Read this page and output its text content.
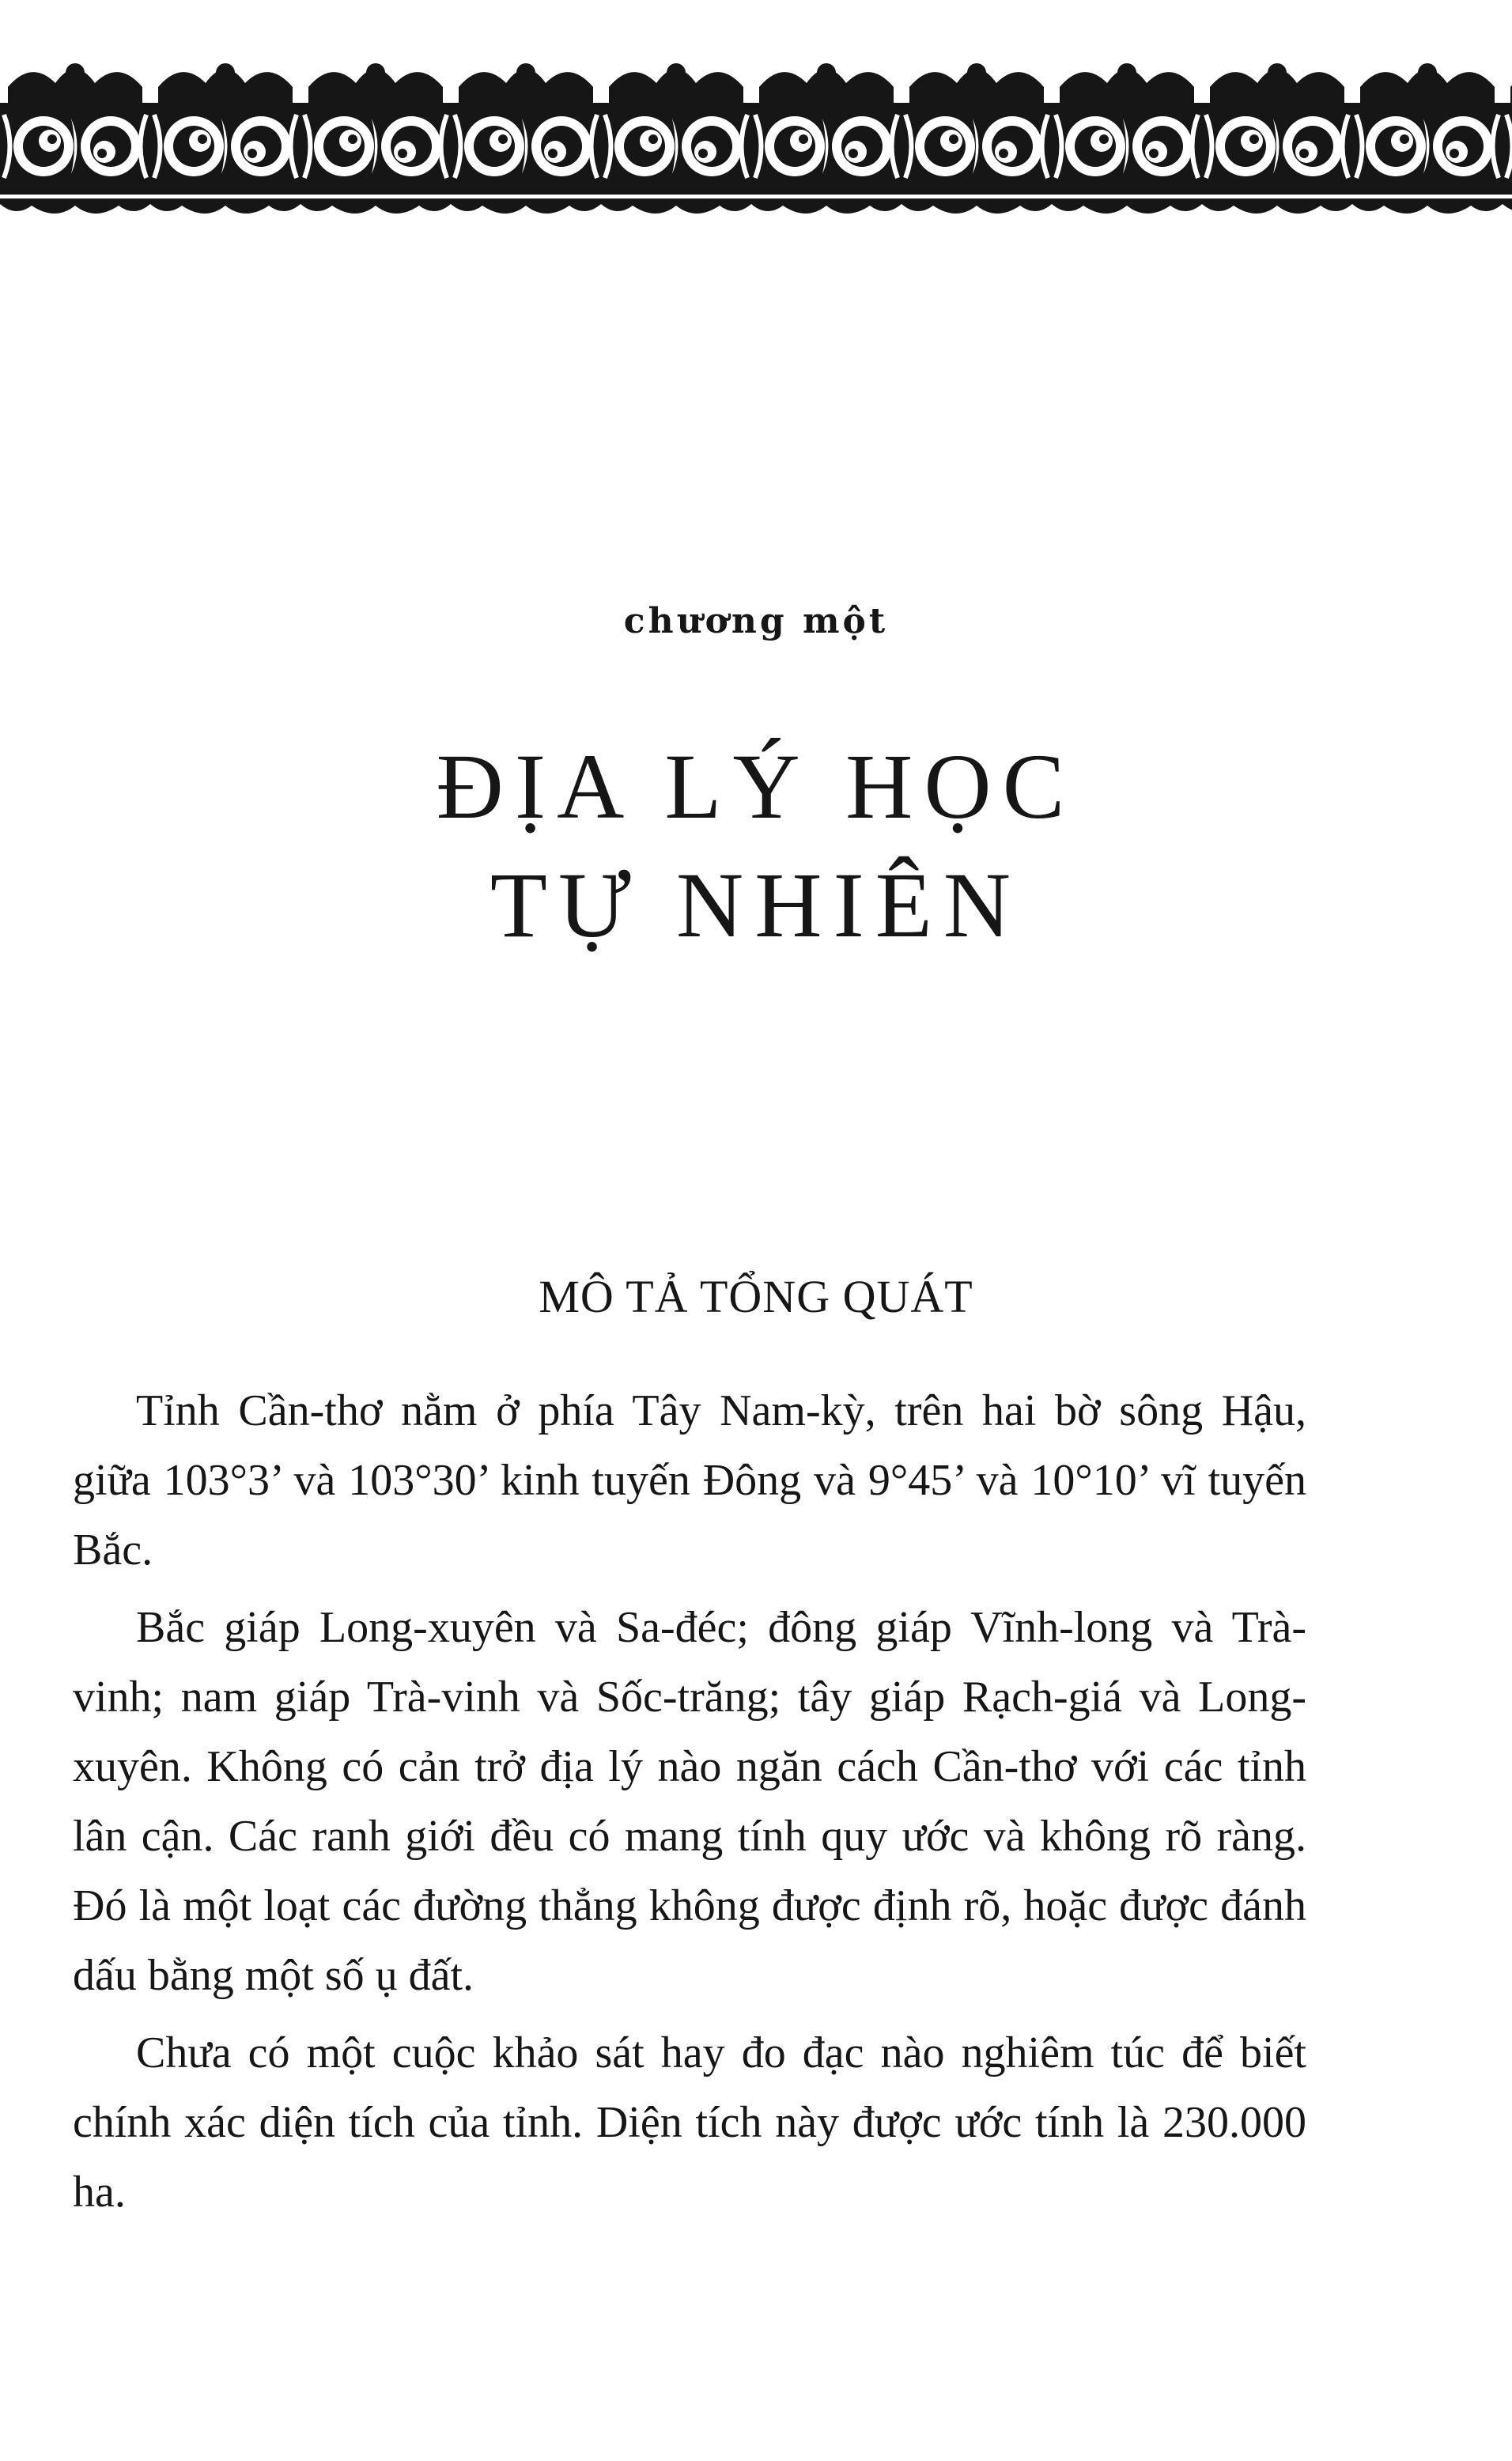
chương một
ĐỊA LÝ HỌC
TỰ NHIÊN
MÔ TẢ TỔNG QUÁT

Tỉnh Cần-thơ nằm ở phía Tây Nam-kỳ, trên hai bờ sông Hậu, giữa 103°3’ và 103°30’ kinh tuyến Đông và 9°45’ và 10°10’ vĩ tuyến Bắc.

Bắc giáp Long-xuyên và Sa-đéc; đông giáp Vĩnh-long và Trà-vinh; nam giáp Trà-vinh và Sốc-trăng; tây giáp Rạch-giá và Long-xuyên. Không có cản trở địa lý nào ngăn cách Cần-thơ với các tỉnh lân cận. Các ranh giới đều có mang tính quy ước và không rõ ràng. Đó là một loạt các đường thẳng không được định rõ, hoặc được đánh dấu bằng một số ụ đất.

Chưa có một cuộc khảo sát hay đo đạc nào nghiêm túc để biết chính xác diện tích của tỉnh. Diện tích này được ước tính là 230.000 ha.
